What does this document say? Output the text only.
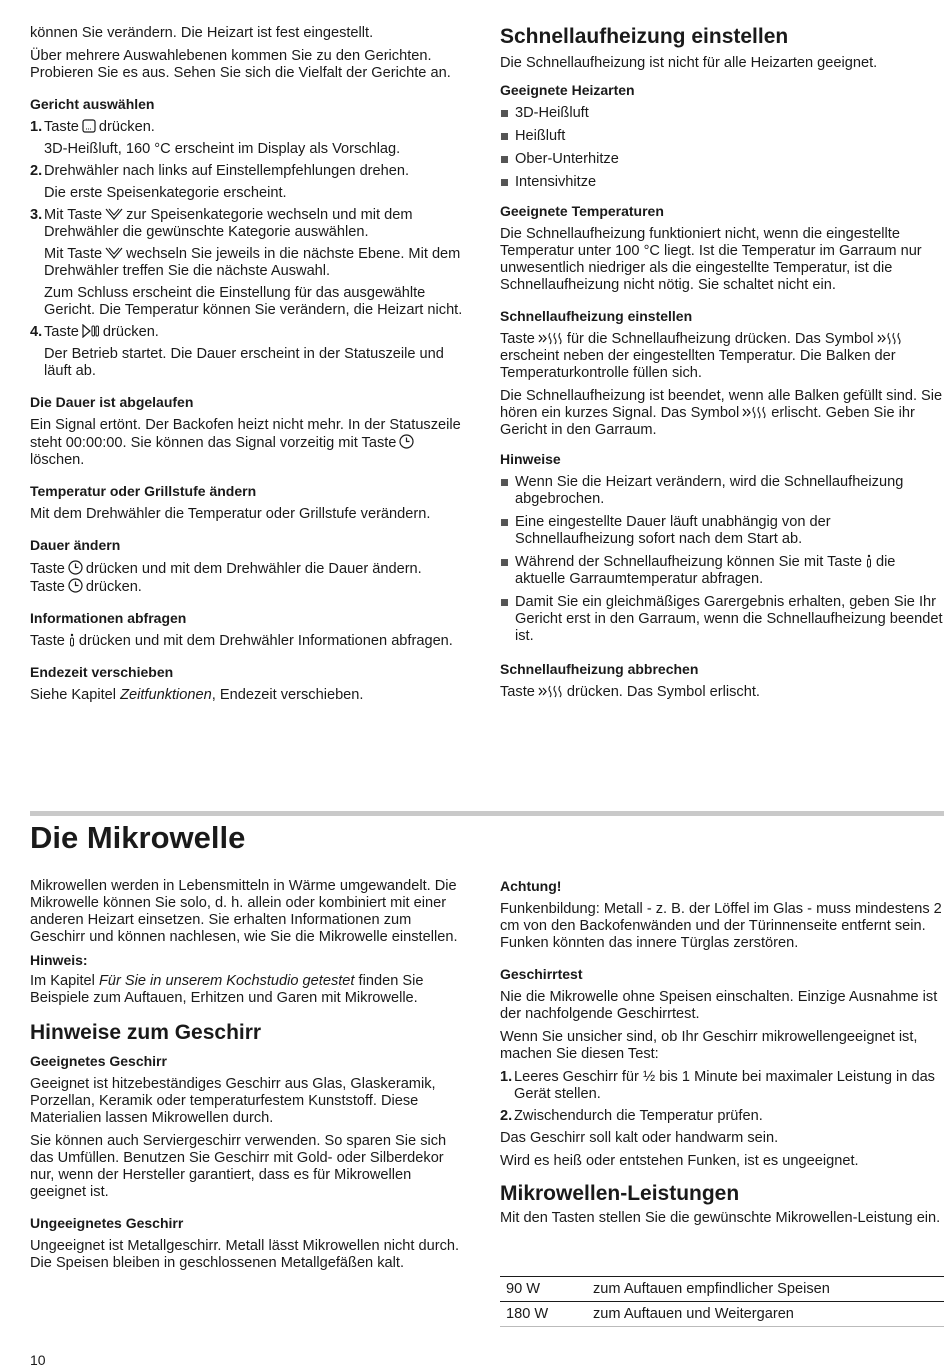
können Sie verändern. Die Heizart ist fest eingestellt.

Über mehrere Auswahlebenen kommen Sie zu den Gerichten. Probieren Sie es aus. Sehen Sie sich die Vielfalt der Gerichte an.

Gericht auswählen
1. Taste drücken.
3D-Heißluft, 160 °C erscheint im Display als Vorschlag.
2. Drehwähler nach links auf Einstellempfehlungen drehen.
Die erste Speisenkategorie erscheint.
3. Mit Taste zur Speisenkategorie wechseln und mit dem Drehwähler die gewünschte Kategorie auswählen.
Mit Taste wechseln Sie jeweils in die nächste Ebene. Mit dem Drehwähler treffen Sie die nächste Auswahl.
Zum Schluss erscheint die Einstellung für das ausgewählte Gericht. Die Temperatur können Sie verändern, die Heizart nicht.
4. Taste drücken.
Der Betrieb startet. Die Dauer erscheint in der Statuszeile und läuft ab.
Die Dauer ist abgelaufen

Ein Signal ertönt. Der Backofen heizt nicht mehr. In der Statuszeile steht 00:00:00. Sie können das Signal vorzeitig mit Taste
löschen.

Temperatur oder Grillstufe ändern

Mit dem Drehwähler die Temperatur oder Grillstufe verändern.

Dauer ändern

Taste drücken und mit dem Drehwähler die Dauer ändern.

Taste drücken.

Informationen abfragen

Taste drücken und mit dem Drehwähler Informationen abfragen.

Endezeit verschieben

Siehe Kapitel Zeitfunktionen, Endezeit verschieben.

Schnellaufheizung einstellen

Die Schnellaufheizung ist nicht für alle Heizarten geeignet.

Geeignete Heizarten
3D-Heißluft
Heißluft
Ober-Unterhitze
Intensivhitze
Geeignete Temperaturen

Die Schnellaufheizung funktioniert nicht, wenn die eingestellte Temperatur unter 100 °C liegt. Ist die Temperatur im Garraum nur unwesentlich niedriger als die eingestellte Temperatur, ist die Schnellaufheizung nicht nötig. Sie schaltet nicht ein.

Schnellaufheizung einstellen

Taste für die Schnellaufheizung drücken. Das Symbol
erscheint neben der eingestellten Temperatur. Die Balken der Temperaturkontrolle füllen sich.

Die Schnellaufheizung ist beendet, wenn alle Balken gefüllt sind. Sie hören ein kurzes Signal. Das Symbol erlischt. Geben Sie ihr Gericht in den Garraum.

Hinweise
Wenn Sie die Heizart verändern, wird die Schnellaufheizung abgebrochen.
Eine eingestellte Dauer läuft unabhängig von der Schnellaufheizung sofort nach dem Start ab.
Während der Schnellaufheizung können Sie mit Taste die aktuelle Garraumtemperatur abfragen.
Damit Sie ein gleichmäßiges Garergebnis erhalten, geben Sie Ihr Gericht erst in den Garraum, wenn die Schnellaufheizung beendet ist.
Schnellaufheizung abbrechen

Taste drücken. Das Symbol erlischt.

Die Mikrowelle

Mikrowellen werden in Lebensmitteln in Wärme umgewandelt. Die Mikrowelle können Sie solo, d. h. allein oder kombiniert mit einer anderen Heizart einsetzen. Sie erhalten Informationen zum Geschirr und können nachlesen, wie Sie die Mikrowelle einstellen.

Hinweis:

Im Kapitel Für Sie in unserem Kochstudio getestet finden Sie Beispiele zum Auftauen, Erhitzen und Garen mit Mikrowelle.

Hinweise zum Geschirr
Geeignetes Geschirr

Geeignet ist hitzebeständiges Geschirr aus Glas, Glaskeramik, Porzellan, Keramik oder temperaturfestem Kunststoff. Diese Materialien lassen Mikrowellen durch.

Sie können auch Serviergeschirr verwenden. So sparen Sie sich das Umfüllen. Benutzen Sie Geschirr mit Gold- oder Silberdekor nur, wenn der Hersteller garantiert, dass es für Mikrowellen geeignet ist.

Ungeeignetes Geschirr

Ungeeignet ist Metallgeschirr. Metall lässt Mikrowellen nicht durch. Die Speisen bleiben in geschlossenen Metallgefäßen kalt.

Achtung!

Funkenbildung: Metall - z. B. der Löffel im Glas - muss mindestens 2 cm von den Backofenwänden und der Türinnenseite entfernt sein. Funken könnten das innere Türglas zerstören.

Geschirrtest

Nie die Mikrowelle ohne Speisen einschalten. Einzige Ausnahme ist der nachfolgende Geschirrtest.

Wenn Sie unsicher sind, ob Ihr Geschirr mikrowellengeeignet ist, machen Sie diesen Test:

1. Leeres Geschirr für ½ bis 1 Minute bei maximaler Leistung in das Gerät stellen.
2. Zwischendurch die Temperatur prüfen.

Das Geschirr soll kalt oder handwarm sein.

Wird es heiß oder entstehen Funken, ist es ungeeignet.

Mikrowellen-Leistungen

Mit den Tasten stellen Sie die gewünschte Mikrowellen-Leistung ein.

90 W	zum Auftauen empfindlicher Speisen
180 W	zum Auftauen und Weitergaren
10
